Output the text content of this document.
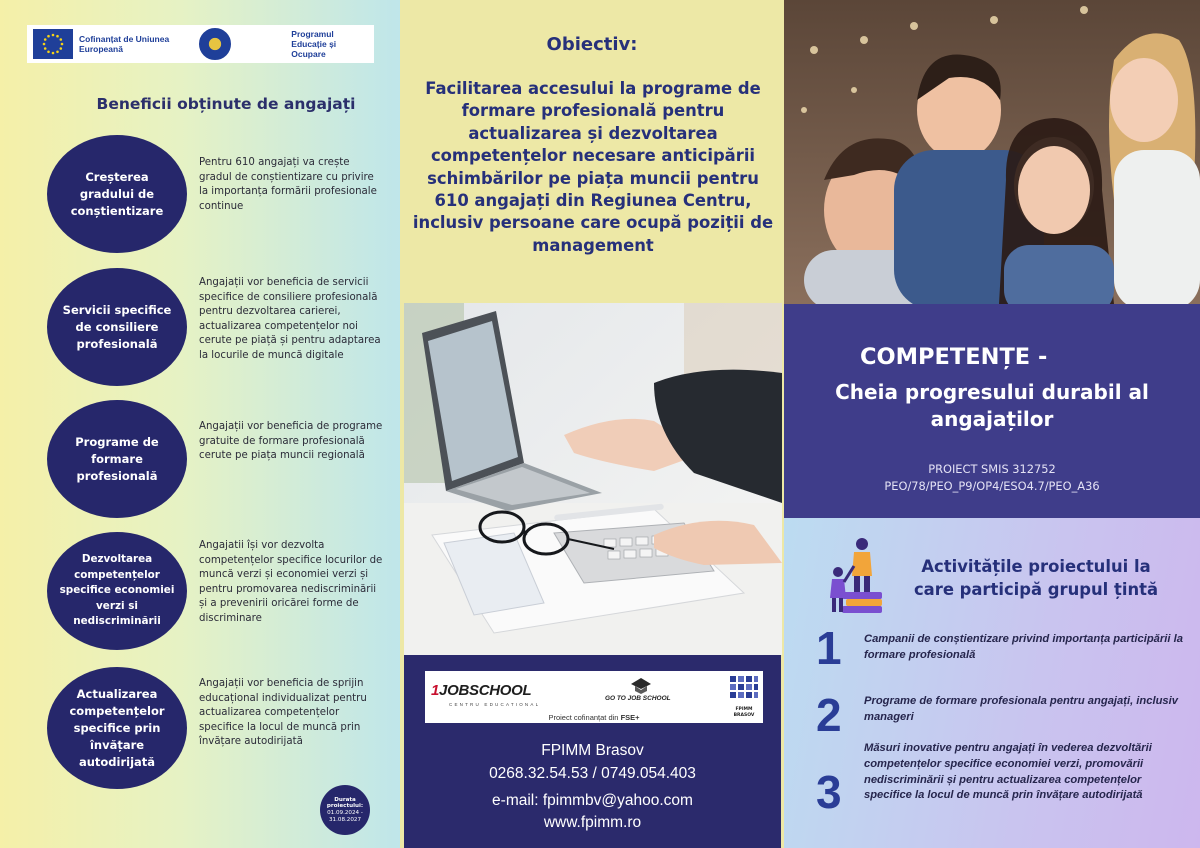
Cofinanțat de Uniunea Europeană
Programul Educație și Ocupare
Beneficii obținute de angajați
Creșterea gradului de conștientizare
Pentru 610 angajați va crește gradul de conștientizare cu privire la importanța formării profesionale continue
Servicii specifice de consiliere profesională
Angajații vor beneficia de servicii specifice de consiliere profesională pentru dezvoltarea carierei, actualizarea competențelor noi cerute pe piață și pentru adaptarea la locurile de muncă digitale
Programe de formare profesională
Angajații vor beneficia de programe gratuite de formare profesională cerute pe piața muncii regională
Dezvoltarea competențelor specifice economiei verzi si nediscriminării
Angajatii își vor dezvolta competențelor specifice locurilor de muncă verzi și economiei verzi și pentru promovarea nediscriminării și a prevenirii oricărei forme de discriminare
Actualizarea competențelor specifice prin învățare autodirijată
Angajații vor beneficia de sprijin educațional individualizat pentru actualizarea competențelor specifice la locul de muncă prin învățare autodirijată
Durata proiectului:
01.09.2024 - 31.08.2027
Obiectiv:
Facilitarea accesului la programe de formare profesională pentru actualizarea și dezvoltarea competențelor necesare anticipării schimbărilor pe piața muncii pentru 610 angajați din Regiunea Centru, inclusiv persoane care ocupă poziții de management
1JOBSCHOOL
CENTRU EDUCATIONAL
GO TO JOB SCHOOL
FPIMM BRASOV
Proiect cofinanțat din FSE+
FPIMM Brasov
0268.32.54.53 / 0749.054.403
e-mail: fpimmbv@yahoo.com
www.fpimm.ro
COMPETENȚE -
Cheia progresului durabil al angajaților
PROIECT SMIS 312752
PEO/78/PEO_P9/OP4/ESO4.7/PEO_A36
Activitățile proiectului la care participă grupul țintă
1 Campanii de conștientizare privind importanța participării la formare profesională
2 Programe de formare profesionala pentru angajați, inclusiv manageri
3
Măsuri inovative pentru angajați în vederea dezvoltării competențelor specifice economiei verzi, promovării nediscriminării și pentru actualizarea competențelor specifice la locul de muncă prin învățare autodirijată
